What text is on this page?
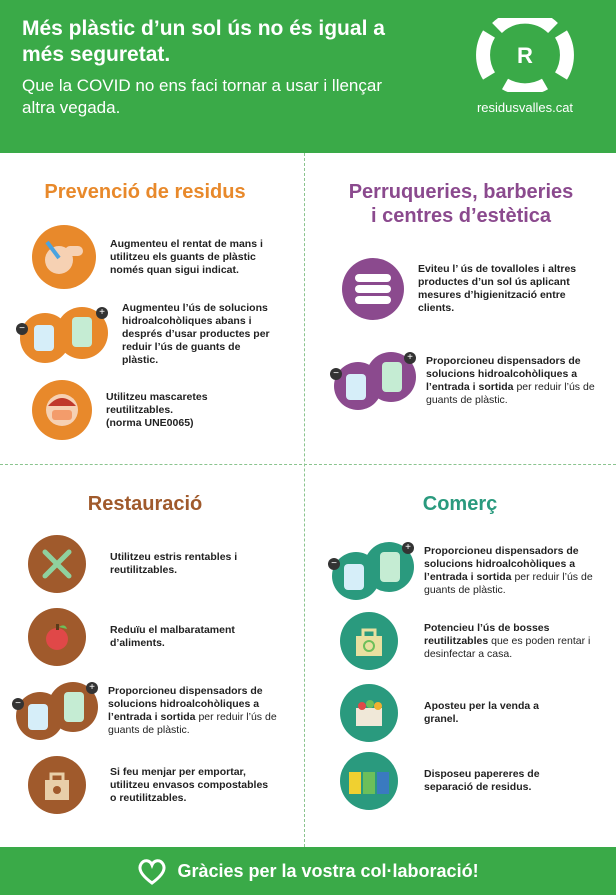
Més plàstic d’un sol ús no és igual a més seguretat.
Que la COVID no ens faci tornar a usar i llençar altra vegada.
R
residusvalles.cat
Prevenció de residus
Augmenteu el rentat de mans i utilitzeu els guants de plàstic només quan sigui indicat.
−
+ Augmenteu l’ús de solucions hidroalcohòliques abans i després d’usar productes per reduir l’ús de guants de plàstic.
Utilitzeu mascaretes reutilitzables.
(norma UNE0065)
Perruqueries, barberies
i centres d’estètica
Eviteu l’ ús de tovalloles i altres productes d’un sol ús aplicant mesures d’higienització entre clients.
−
+ Proporcioneu dispensadors de solucions hidroalcohòliques a l’entrada i sortida per reduir l’ús de guants de plàstic.
Restauració
Utilitzeu estris rentables i reutilitzables.
Reduïu el malbaratament d’aliments.
−
+ Proporcioneu dispensadors de solucions hidroalcohòliques a l’entrada i sortida per reduir l’ús de guants de plàstic.
Si feu menjar per emportar, utilitzeu envasos compostables o reutilitzables.
Comerç
−
+ Proporcioneu dispensadors de solucions hidroalcohòliques a l’entrada i sortida per reduir l’ús de guants de plàstic.
Potencieu l’ús de bosses reutilitzables que es poden rentar i desinfectar a casa.
Aposteu per la venda a granel.
Disposeu papereres de separació de residus.
Gràcies per la vostra col·laboració!
